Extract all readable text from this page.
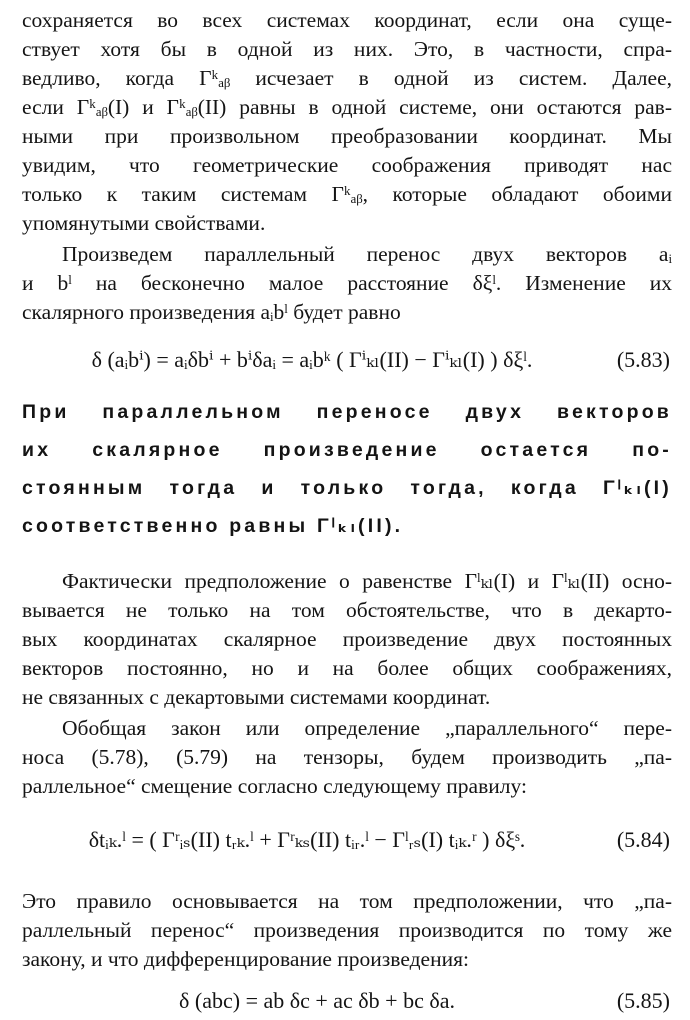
сохраняется во всех системах координат, если она суще-
ствует хотя бы в одной из них. Это, в частности, спра-
ведливо, когда Γᵏₐᵦ исчезает в одной из систем. Далее,
если Γᵏₐᵦ(I) и Γᵏₐᵦ(II) равны в одной системе, они остаются рав-
ными при произвольном преобразовании координат. Мы
увидим, что геометрические соображения приводят нас
только к таким системам Γᵏₐᵦ, которые обладают обоими
упомянутыми свойствами.
Произведем параллельный перенос двух векторов aᵢ
и bˡ на бесконечно малое расстояние δξˡ. Изменение их
скалярного произведения aᵢbˡ будет равно
δ (aᵢbⁱ) = aᵢδbⁱ + bⁱδaᵢ = aᵢbᵏ ( Γⁱₖₗ(II) − Γⁱₖₗ(I) ) δξˡ.	(5.83)
При параллельном переносе двух векторов
их скалярное произведение остается по-
стоянным тогда и только тогда, когда Γˡₖₗ(I)
соответственно равны Γˡₖₗ(II).
Фактически предположение о равенстве Γˡₖₗ(I) и Γˡₖₗ(II) осно-
вывается не только на том обстоятельстве, что в декарто-
вых координатах скалярное произведение двух постоянных
векторов постоянно, но и на более общих соображениях,
не связанных с декартовыми системами координат.
Обобщая закон или определение „параллельного“ пере-
носа (5.78), (5.79) на тензоры, будем производить „па-
раллельное“ смещение согласно следующему правилу:
δtᵢₖ.ˡ = ( Γʳᵢₛ(II) tᵣₖ.ˡ + Γʳₖₛ(II) tᵢᵣ.ˡ − Γˡᵣₛ(I) tᵢₖ.ʳ ) δξˢ.	(5.84)
Это правило основывается на том предположении, что „па-
раллельный перенос“ произведения производится по тому же
закону, и что дифференцирование произведения:
δ (abc) = ab δc + ac δb + bc δa.	(5.85)
